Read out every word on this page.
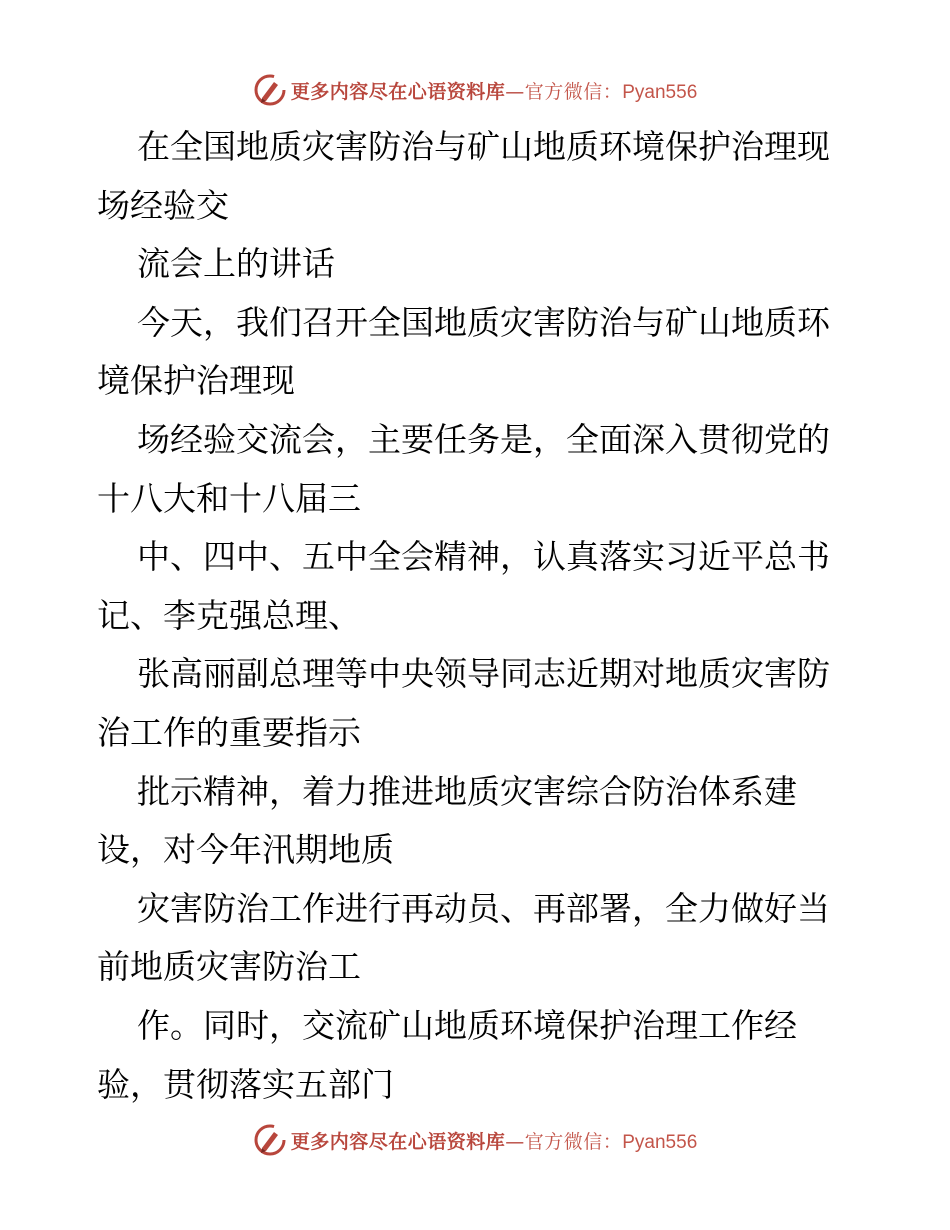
更多内容尽在心语资料库—官方微信：Pyan556
在全国地质灾害防治与矿山地质环境保护治理现
场经验交
流会上的讲话
今天，我们召开全国地质灾害防治与矿山地质环
境保护治理现
场经验交流会，主要任务是，全面深入贯彻党的
十八大和十八届三
中、四中、五中全会精神，认真落实习近平总书
记、李克强总理、
张高丽副总理等中央领导同志近期对地质灾害防
治工作的重要指示
批示精神，着力推进地质灾害综合防治体系建
设，对今年汛期地质
灾害防治工作进行再动员、再部署，全力做好当
前地质灾害防治工
作。同时，交流矿山地质环境保护治理工作经
验，贯彻落实五部门
更多内容尽在心语资料库—官方微信：Pyan556
